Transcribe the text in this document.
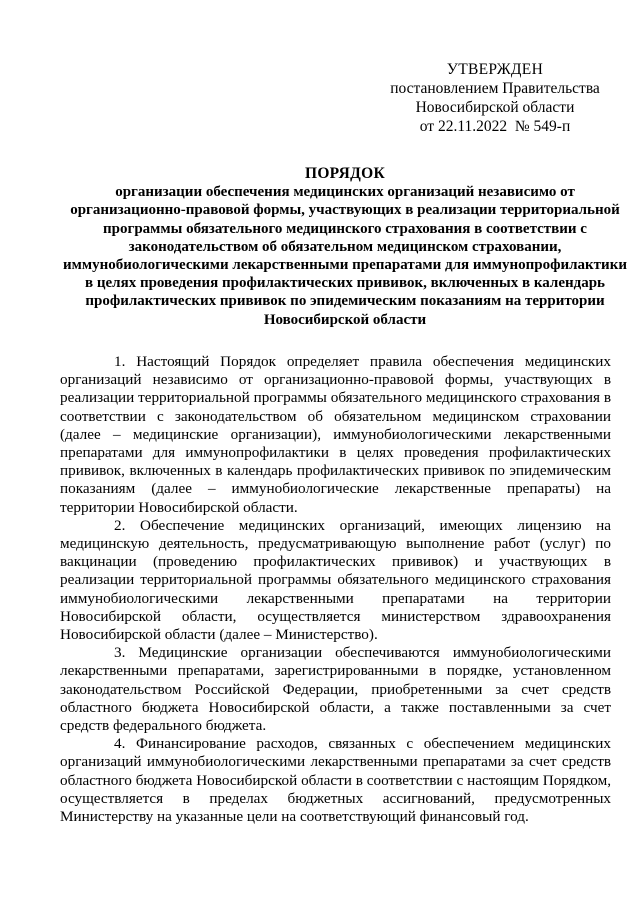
УТВЕРЖДЕН
постановлением Правительства
Новосибирской области
от 22.11.2022  № 549-п
ПОРЯДОК
организации обеспечения медицинских организаций независимо от организационно-правовой формы, участвующих в реализации территориальной программы обязательного медицинского страхования в соответствии с законодательством об обязательном медицинском страховании, иммунобиологическими лекарственными препаратами для иммунопрофилактики в целях проведения профилактических прививок, включенных в календарь профилактических прививок по эпидемическим показаниям на территории Новосибирской области

1. Настоящий Порядок определяет правила обеспечения медицинских организаций независимо от организационно-правовой формы, участвующих в реализации территориальной программы обязательного медицинского страхования в соответствии с законодательством об обязательном медицинском страховании (далее – медицинские организации), иммунобиологическими лекарственными препаратами для иммунопрофилактики в целях проведения профилактических прививок, включенных в календарь профилактических прививок по эпидемическим показаниям (далее – иммунобиологические лекарственные препараты) на территории Новосибирской области.

2. Обеспечение медицинских организаций, имеющих лицензию на медицинскую деятельность, предусматривающую выполнение работ (услуг) по вакцинации (проведению профилактических прививок) и участвующих в реализации территориальной программы обязательного медицинского страхования иммунобиологическими лекарственными препаратами на территории Новосибирской области, осуществляется министерством здравоохранения Новосибирской области (далее – Министерство).

3. Медицинские организации обеспечиваются иммунобиологическими лекарственными препаратами, зарегистрированными в порядке, установленном законодательством Российской Федерации, приобретенными за счет средств областного бюджета Новосибирской области, а также поставленными за счет средств федерального бюджета.

4. Финансирование расходов, связанных с обеспечением медицинских организаций иммунобиологическими лекарственными препаратами за счет средств областного бюджета Новосибирской области в соответствии с настоящим Порядком, осуществляется в пределах бюджетных ассигнований, предусмотренных Министерству на указанные цели на соответствующий финансовый год.
